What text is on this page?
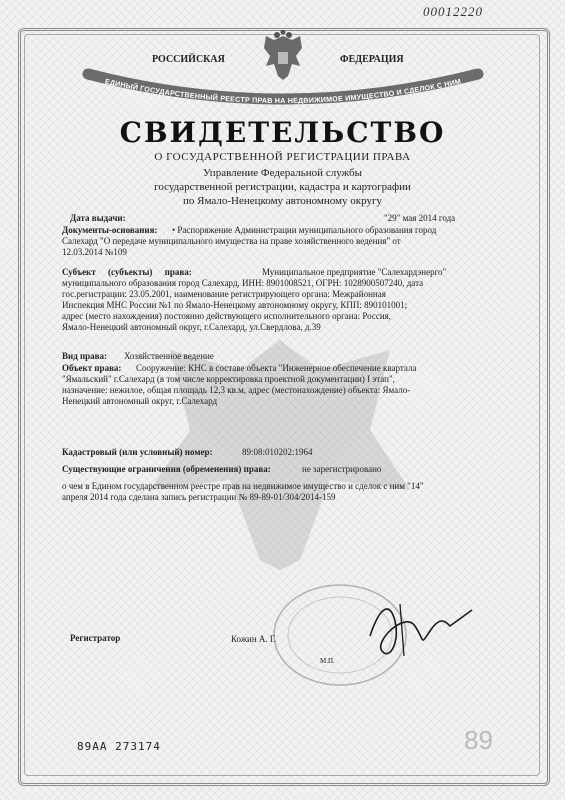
00012220
ЕДИНЫЙ ГОСУДАРСТВЕННЫЙ РЕЕСТР ПРАВ НА НЕДВИЖИМОЕ ИМУЩЕСТВО И СДЕЛОК С НИМ
РОССИЙСКАЯ	ФЕДЕРАЦИЯ
СВИДЕТЕЛЬСТВО
О ГОСУДАРСТВЕННОЙ РЕГИСТРАЦИИ ПРАВА
Управление Федеральной службы
государственной регистрации, кадастра и картографии
по Ямало-Ненецкому автономному округу
Дата выдачи:	"29" мая 2014 года
Документы-основания: • Распоряжение Администрации муниципального образования город
Салехард "О передаче муниципального имущества на праве хозяйственного ведения" от
12.03.2014 №109
Субъект (субъекты) права:	Муниципальное предприятие "Салехардэнерго"
муниципального образования город Салехард, ИНН: 8901008521, ОГРН: 1028900507240, дата
гос.регистрации: 23.05.2001, наименование регистрирующего органа: Межрайонная
Инспекция МНС России №1 по Ямало-Ненецкому автономному округу, КПП: 890101001;
адрес (место нахождения) постоянно действующего исполнительного органа: Россия,
Ямало-Ненецкий автономный округ, г.Салехард, ул.Свердлова, д.39
Вид права: Хозяйственное ведение
Объект права: Сооружение: КНС в составе объекта "Инженерное обеспечение квартала
"Ямальский" г.Салехард (в том числе корректировка проектной документации) I этап",
назначение: нежилое, общая площадь 12,3 кв.м, адрес (местонахождение) объекта: Ямало-
Ненецкий автономный округ, г.Салехард
Кадастровый (или условный) номер:	89:08:010202:1964
Существующие ограничения (обременения) права:	не зарегистрировано
о чем в Едином государственном реестре прав на недвижимое имущество и сделок с ним "14"
апреля 2014 года сделана запись регистрации № 89-89-01/304/2014-159
Регистратор	Кожин А. Г.
М.П.
89АА 273174	89
